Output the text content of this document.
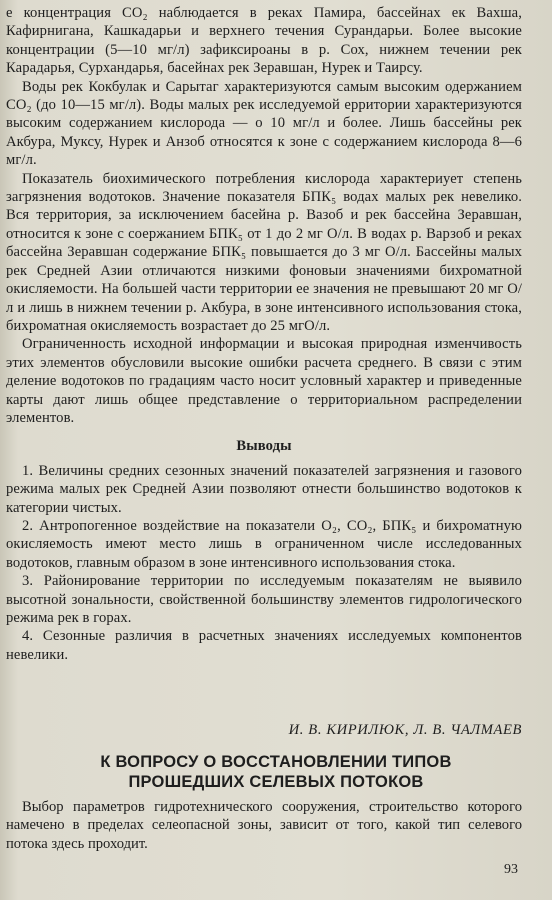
е концентрация CO₂ наблюдается в реках Памира, бассейнах ек Вахша, Кафирнигана, Кашкадарьи и верхнего течения Сурандарьи. Более высокие концентрации (5—10 мг/л) зафиксироаны в р. Сох, нижнем течении рек Карадарья, Сурхандарья, басейнах рек Зеравшан, Нурек и Таирсу.

Воды рек Кокбулак и Сарытаг характеризуются самым высоким одержанием CO₂ (до 10—15 мг/л). Воды малых рек исследуемой ерритории характеризуются высоким содержанием кислорода — о 10 мг/л и более. Лишь бассейны рек Акбура, Муксу, Нурек и Анзоб относятся к зоне с содержанием кислорода 8—6 мг/л.

Показатель биохимического потребления кислорода характериует степень загрязнения водотоков. Значение показателя БПК₅ водах малых рек невелико. Вся территория, за исключением басейна р. Вазоб и рек бассейна Зеравшан, относится к зоне с соержанием БПК₅ от 1 до 2 мг О/л. В водах р. Варзоб и реках бассейна Зеравшан содержание БПК₅ повышается до 3 мг О/л. Бассейны малых рек Средней Азии отличаются низкими фоновыи значениями бихроматной окисляемости. На большей части территории ее значения не превышают 20 мг О/л и лишь в нижнем течении р. Акбура, в зоне интенсивного использования стока, бихроматная окисляемость возрастает до 25 мгО/л.

Ограниченность исходной информации и высокая природная изменчивость этих элементов обусловили высокие ошибки расчета среднего. В связи с этим деление водотоков по градациям часто носит условный характер и приведенные карты дают лишь общее представление о территориальном распределении элементов.

Выводы
1. Величины средних сезонных значений показателей загрязнения и газового режима малых рек Средней Азии позволяют отнести большинство водотоков к категории чистых.
2. Антропогенное воздействие на показатели O₂, CO₂, БПК₅ и бихроматную окисляемость имеют место лишь в ограниченном числе исследованных водотоков, главным образом в зоне интенсивного использования стока.
3. Районирование территории по исследуемым показателям не выявило высотной зональности, свойственной большинству элементов гидрологического режима рек в горах.
4. Сезонные различия в расчетных значениях исследуемых компонентов невелики.
И. В. КИРИЛЮК, Л. В. ЧАЛМАЕВ
К ВОПРОСУ О ВОССТАНОВЛЕНИИ ТИПОВ
ПРОШЕДШИХ СЕЛЕВЫХ ПОТОКОВ

Выбор параметров гидротехнического сооружения, строительство которого намечено в пределах селеопасной зоны, зависит от того, какой тип селевого потока здесь проходит.

93
